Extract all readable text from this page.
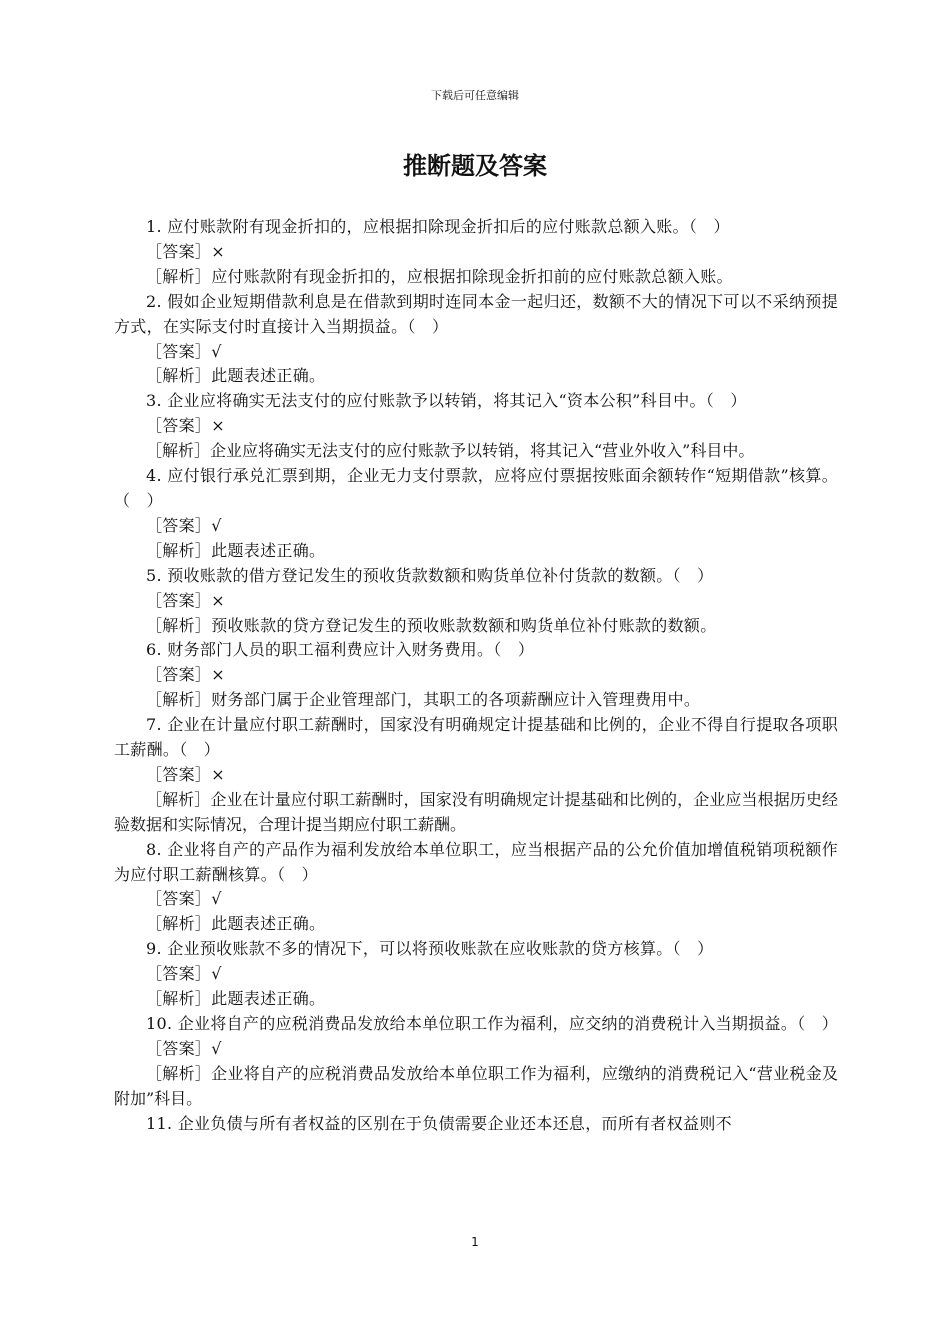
下载后可任意编辑
推断题及答案

1. 应付账款附有现金折扣的，应根据扣除现金折扣后的应付账款总额入账。（　）

［答案］×

［解析］应付账款附有现金折扣的，应根据扣除现金折扣前的应付账款总额入账。

2. 假如企业短期借款利息是在借款到期时连同本金一起归还，数额不大的情况下可以不采纳预提方式，在实际支付时直接计入当期损益。（　）

［答案］√

［解析］此题表述正确。

3. 企业应将确实无法支付的应付账款予以转销，将其记入“资本公积”科目中。（　）

［答案］×

［解析］企业应将确实无法支付的应付账款予以转销，将其记入“营业外收入”科目中。

4. 应付银行承兑汇票到期，企业无力支付票款，应将应付票据按账面余额转作“短期借款”核算。（　）

［答案］√

［解析］此题表述正确。

5. 预收账款的借方登记发生的预收货款数额和购货单位补付货款的数额。（　）

［答案］×

［解析］预收账款的贷方登记发生的预收账款数额和购货单位补付账款的数额。

6. 财务部门人员的职工福利费应计入财务费用。（　）

［答案］×

［解析］财务部门属于企业管理部门，其职工的各项薪酬应计入管理费用中。

7. 企业在计量应付职工薪酬时，国家没有明确规定计提基础和比例的，企业不得自行提取各项职工薪酬。（　）

［答案］×

［解析］企业在计量应付职工薪酬时，国家没有明确规定计提基础和比例的，企业应当根据历史经验数据和实际情况，合理计提当期应付职工薪酬。

8. 企业将自产的产品作为福利发放给本单位职工，应当根据产品的公允价值加增值税销项税额作为应付职工薪酬核算。（　）

［答案］√

［解析］此题表述正确。

9. 企业预收账款不多的情况下，可以将预收账款在应收账款的贷方核算。（　）

［答案］√

［解析］此题表述正确。

10. 企业将自产的应税消费品发放给本单位职工作为福利，应交纳的消费税计入当期损益。（　）

［答案］√

［解析］企业将自产的应税消费品发放给本单位职工作为福利，应缴纳的消费税记入“营业税金及附加”科目。

11. 企业负债与所有者权益的区别在于负债需要企业还本还息，而所有者权益则不

1
